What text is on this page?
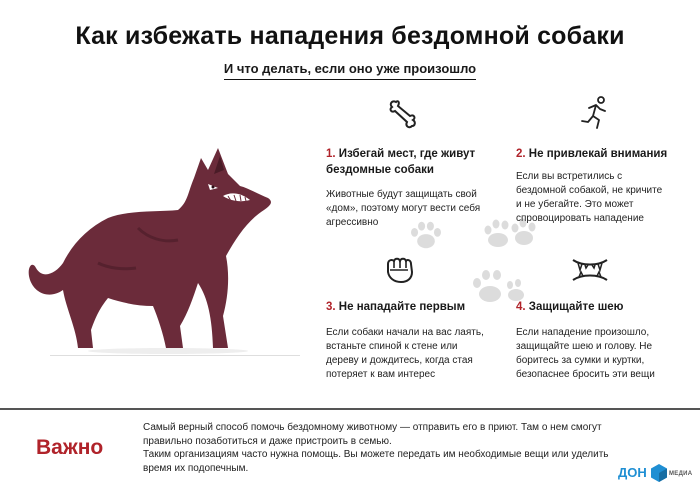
Как избежать нападения бездомной собаки
И что делать, если оно уже произошло
1. Избегай мест, где живут бездомные собаки
Животные будут защищать свой «дом», поэтому могут вести себя агрессивно
2. Не привлекай внимания
Если вы встретились с бездомной собакой, не кричите и не убегайте. Это может спровоцировать нападение
3. Не нападайте первым
Если собаки начали на вас лаять, встаньте спиной к стене или дереву и дождитесь, когда стая потеряет к вам интерес
4. Защищайте шею
Если нападение произошло, защищайте шею и голову. Не боритесь за сумки и куртки, безопаснее бросить эти вещи
Важно

Самый верный способ помочь бездомному животному — отправить его в приют. Там о нем смогут правильно позаботиться и даже пристроить в семью.

Таким организациям часто нужна помощь. Вы можете передать им необходимые вещи или уделить время их подопечным.	ДОН	МЕДИА
